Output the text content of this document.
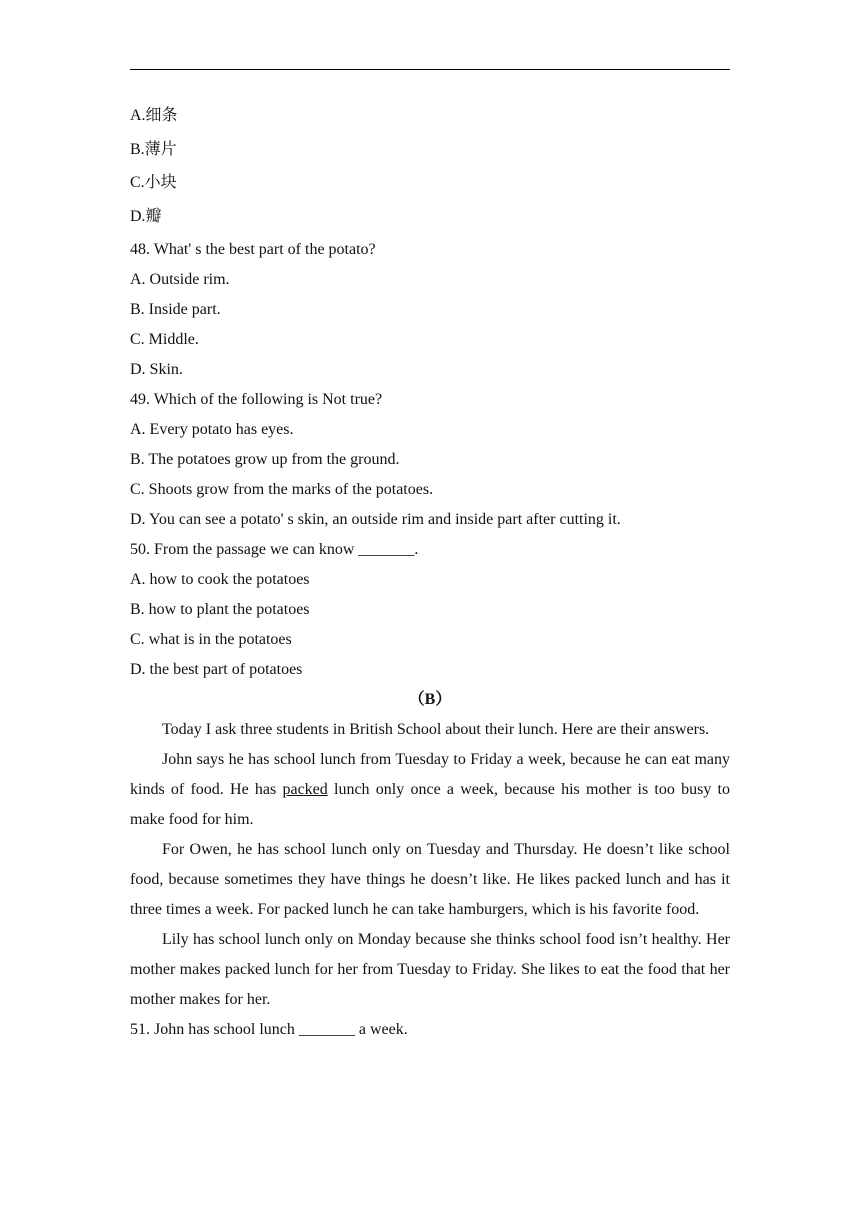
A.细条
B.薄片
C.小块
D.瓣
48. What' s the best part of the potato?
A. Outside rim.
B. Inside part.
C. Middle.
D. Skin.
49. Which of the following is Not true?
A. Every potato has eyes.
B. The potatoes grow up from the ground.
C. Shoots grow from the marks of the potatoes.
D. You can see a potato' s skin, an outside rim and inside part after cutting it.
50. From the passage we can know _______.
A. how to cook the potatoes
B. how to plant the potatoes
C. what is in the potatoes
D. the best part of potatoes
（B）

Today I ask three students in British School about their lunch. Here are their answers.

John says he has school lunch from Tuesday to Friday a week, because he can eat many kinds of food. He has packed lunch only once a week, because his mother is too busy to make food for him.

For Owen, he has school lunch only on Tuesday and Thursday. He doesn’t like school food, because sometimes they have things he doesn’t like. He likes packed lunch and has it three times a week. For packed lunch he can take hamburgers, which is his favorite food.

Lily has school lunch only on Monday because she thinks school food isn’t healthy. Her mother makes packed lunch for her from Tuesday to Friday. She likes to eat the food that her mother makes for her.

51. John has school lunch _______ a week.
